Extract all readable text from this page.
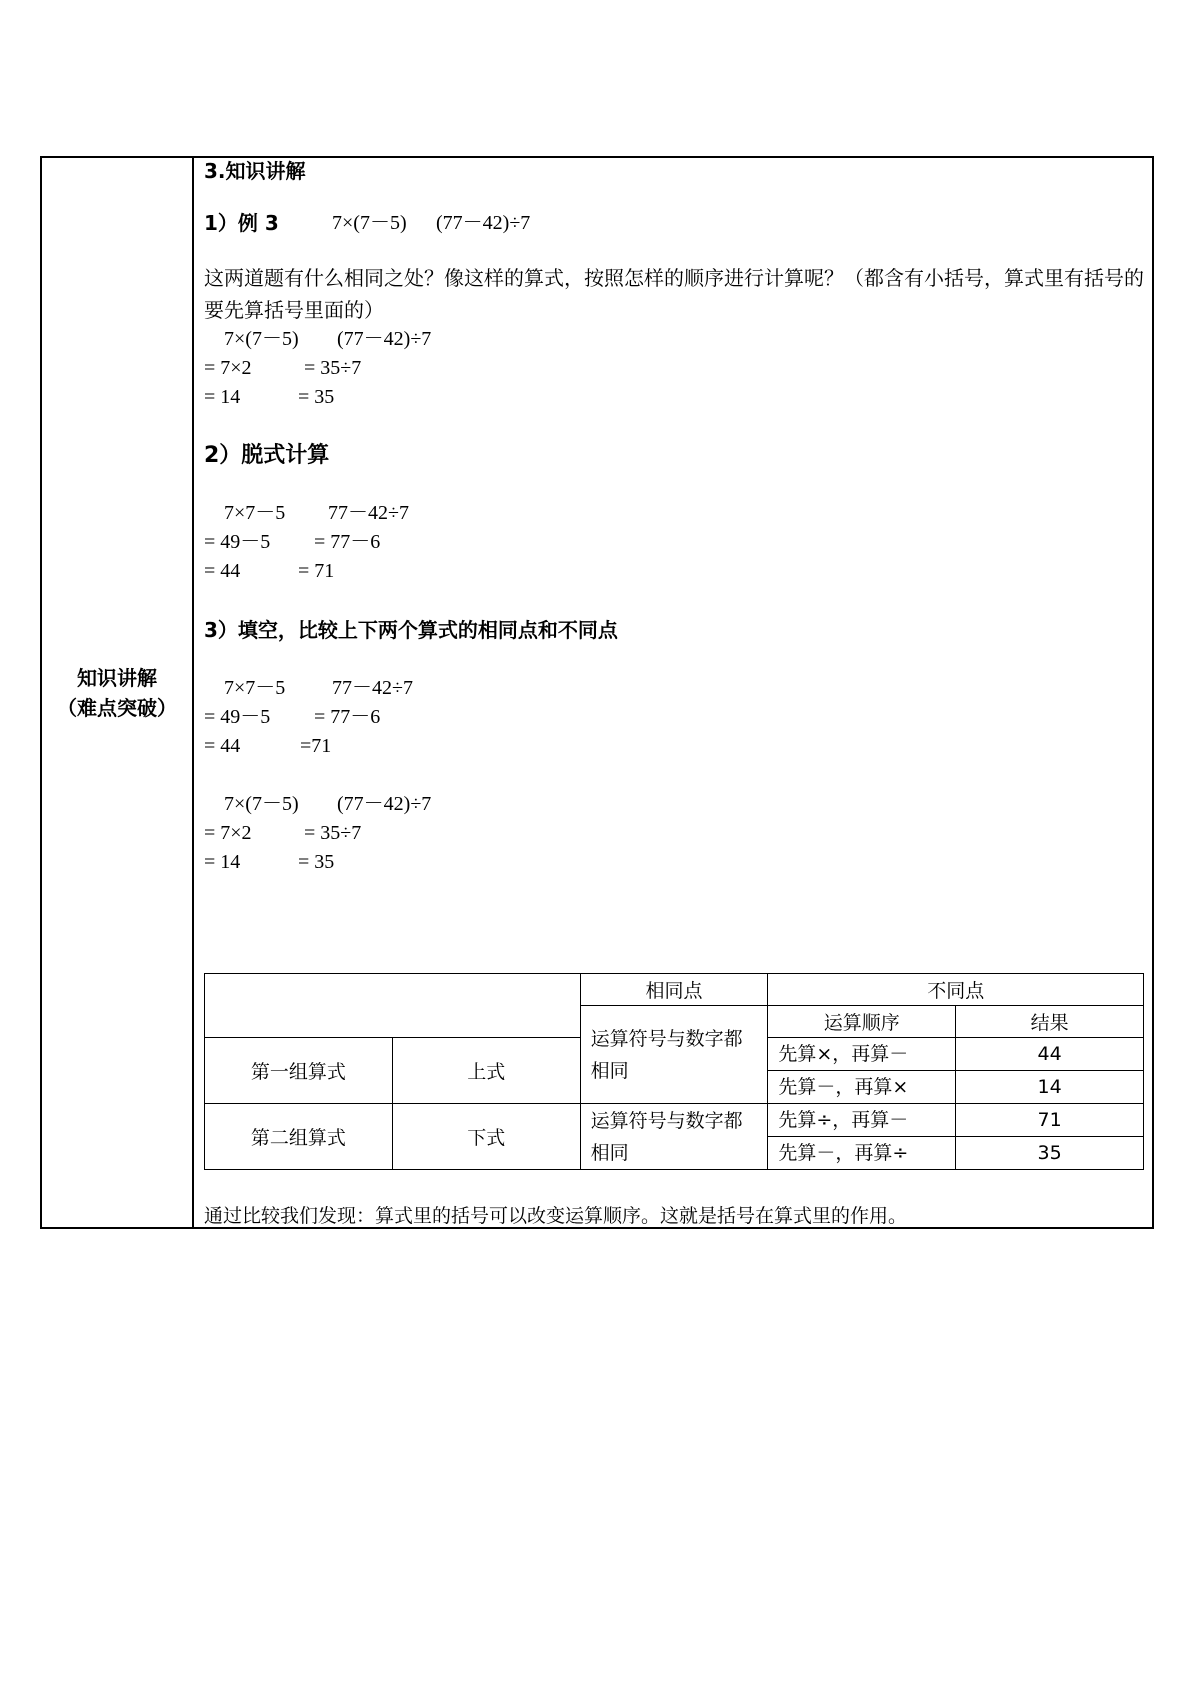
知识讲解
（难点突破）
3.知识讲解
1）例 3	7×(7－5) (77－42)÷7
这两道题有什么相同之处？像这样的算式，按照怎样的顺序进行计算呢？（都含有小括号，算式里有括号的要先算括号里面的）
7×(7－5)
= 7×2
= 14
(77－42)÷7
= 35÷7
= 35
2）脱式计算
7×7－5
= 49－5
= 44
77－42÷7
= 77－6
= 71
3）填空，比较上下两个算式的相同点和不同点
7×7－5
= 49－5
= 44
77－42÷7
= 77－6
=71
7×(7－5)
= 7×2
= 14
(77－42)÷7
= 35÷7
= 35
		相同点	不同点	
		运算符号与数字都相同	运算顺序	结果
第一组算式	上式		先算×，再算－	44
			先算－，再算×	14
第二组算式	下式	运算符号与数字都相同	先算÷，再算－	71
			先算－，再算÷	35
通过比较我们发现：算式里的括号可以改变运算顺序。这就是括号在算式里的作用。
